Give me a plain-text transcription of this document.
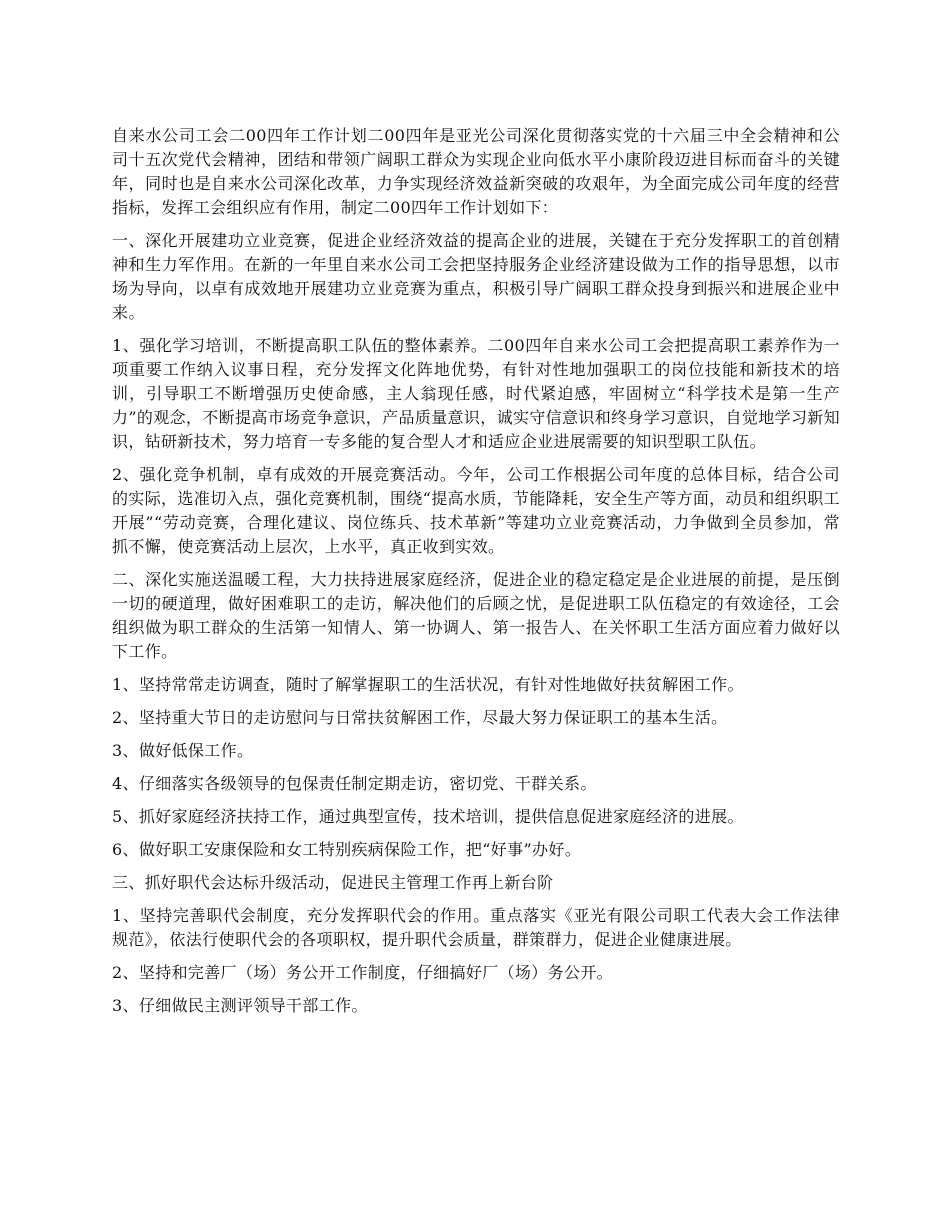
自来水公司工会二00四年工作计划二00四年是亚光公司深化贯彻落实党的十六届三中全会精神和公司十五次党代会精神，团结和带领广阔职工群众为实现企业向低水平小康阶段迈进目标而奋斗的关键年，同时也是自来水公司深化改革，力争实现经济效益新突破的攻艰年，为全面完成公司年度的经营指标，发挥工会组织应有作用，制定二00四年工作计划如下：

一、深化开展建功立业竞赛，促进企业经济效益的提高企业的进展，关键在于充分发挥职工的首创精神和生力军作用。在新的一年里自来水公司工会把坚持服务企业经济建设做为工作的指导思想，以市场为导向，以卓有成效地开展建功立业竞赛为重点，积极引导广阔职工群众投身到振兴和进展企业中来。

1、强化学习培训，不断提高职工队伍的整体素养。二00四年自来水公司工会把提高职工素养作为一项重要工作纳入议事日程，充分发挥文化阵地优势，有针对性地加强职工的岗位技能和新技术的培训，引导职工不断增强历史使命感，主人翁现任感，时代紧迫感，牢固树立“科学技术是第一生产力”的观念，不断提高市场竞争意识，产品质量意识，诚实守信意识和终身学习意识，自觉地学习新知识，钻研新技术，努力培育一专多能的复合型人才和适应企业进展需要的知识型职工队伍。

2、强化竞争机制，卓有成效的开展竞赛活动。今年，公司工作根据公司年度的总体目标，结合公司的实际，选准切入点，强化竞赛机制，围绕“提高水质，节能降耗，安全生产等方面，动员和组织职工开展”“劳动竞赛，合理化建议、岗位练兵、技术革新”等建功立业竞赛活动，力争做到全员参加，常抓不懈，使竞赛活动上层次，上水平，真正收到实效。

二、深化实施送温暖工程，大力扶持进展家庭经济，促进企业的稳定稳定是企业进展的前提，是压倒一切的硬道理，做好困难职工的走访，解决他们的后顾之忧，是促进职工队伍稳定的有效途径，工会组织做为职工群众的生活第一知情人、第一协调人、第一报告人、在关怀职工生活方面应着力做好以下工作。

1、坚持常常走访调查，随时了解掌握职工的生活状况，有针对性地做好扶贫解困工作。

2、坚持重大节日的走访慰问与日常扶贫解困工作，尽最大努力保证职工的基本生活。

3、做好低保工作。

4、仔细落实各级领导的包保责任制定期走访，密切党、干群关系。

5、抓好家庭经济扶持工作，通过典型宣传，技术培训，提供信息促进家庭经济的进展。

6、做好职工安康保险和女工特别疾病保险工作，把“好事”办好。

三、抓好职代会达标升级活动，促进民主管理工作再上新台阶

1、坚持完善职代会制度，充分发挥职代会的作用。重点落实《亚光有限公司职工代表大会工作法律规范》，依法行使职代会的各项职权，提升职代会质量，群策群力，促进企业健康进展。

2、坚持和完善厂（场）务公开工作制度，仔细搞好厂（场）务公开。

3、仔细做民主测评领导干部工作。
